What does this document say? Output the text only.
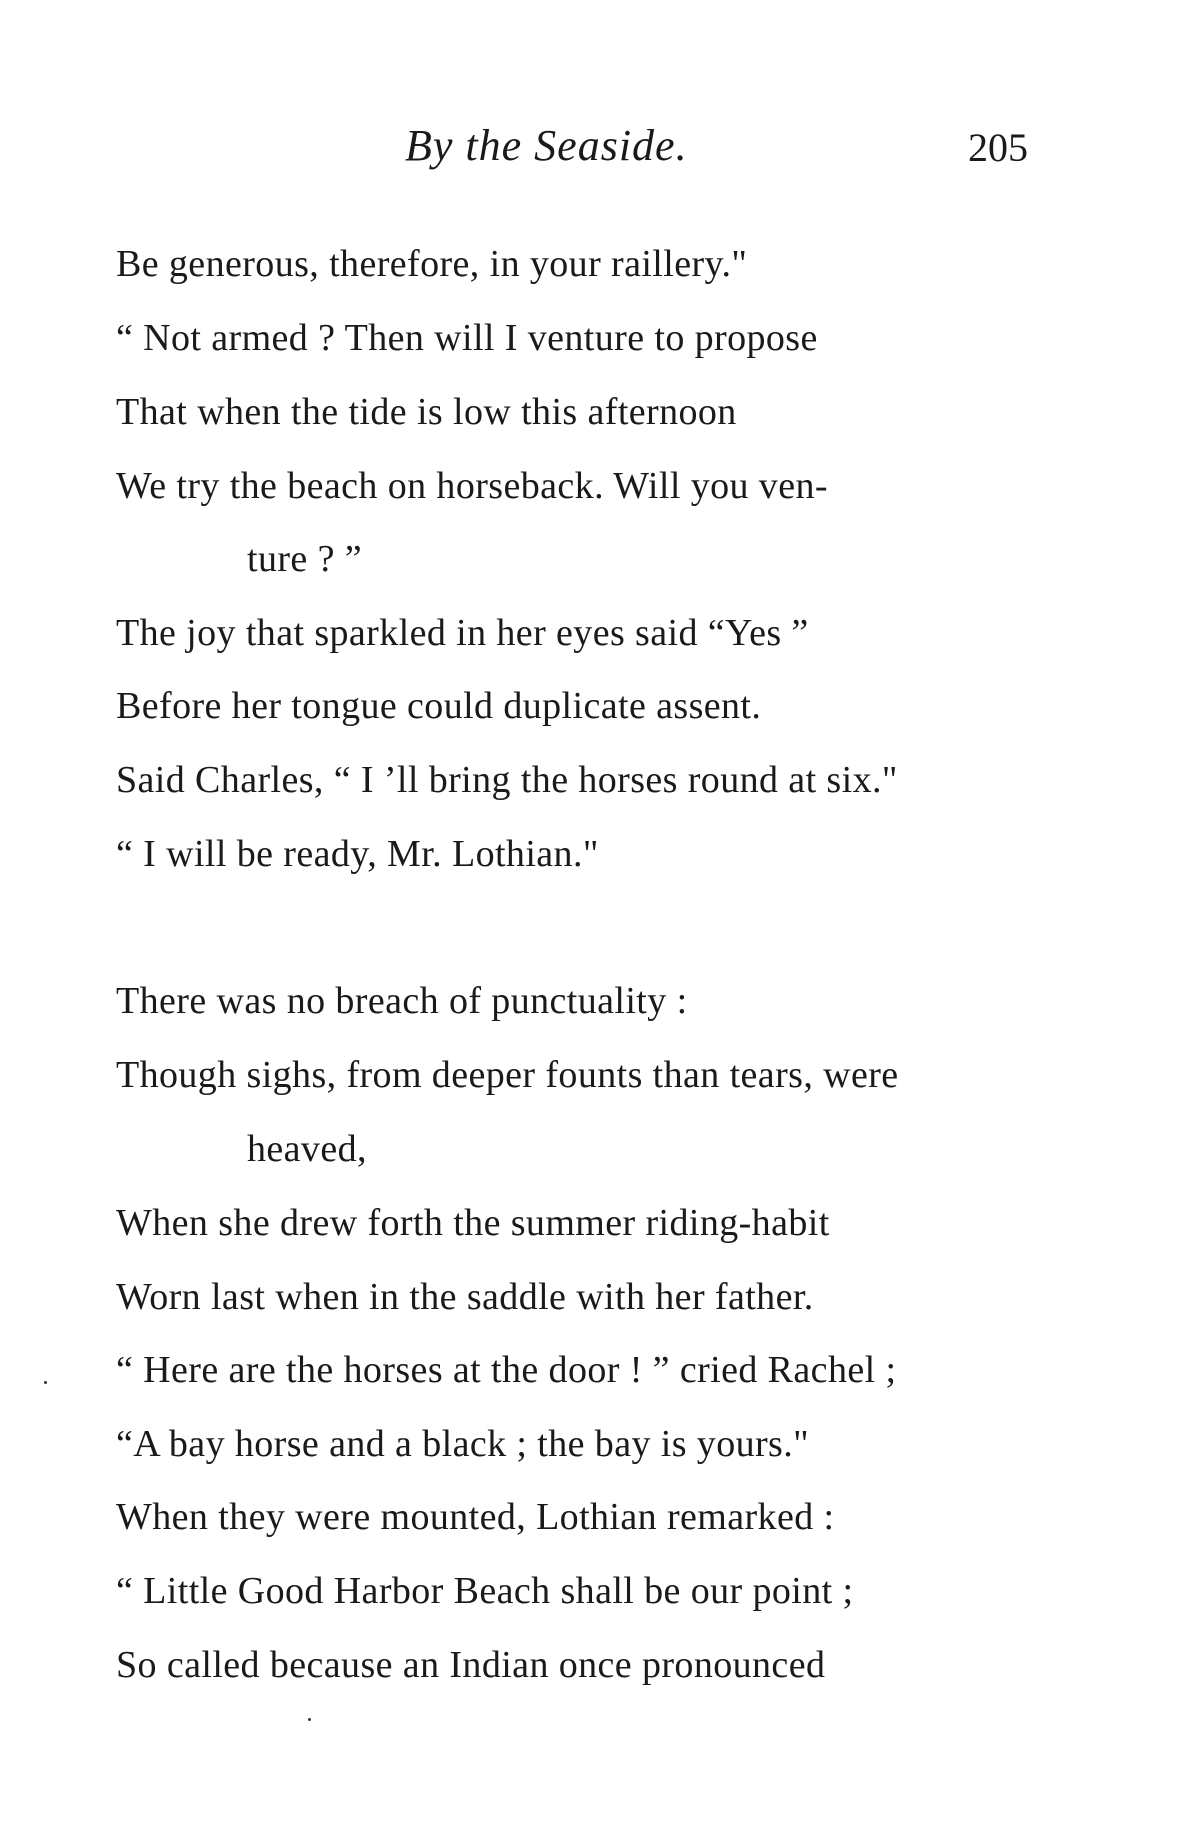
By the Seaside.	205
Be generous, therefore, in your raillery."
“ Not armed ? Then will I venture to propose
That when the tide is low this afternoon
We try the beach on horseback. Will you ven-
ture ? ”
The joy that sparkled in her eyes said “Yes ”
Before her tongue could duplicate assent.
Said Charles, “ I ’ll bring the horses round at six."
“ I will be ready, Mr. Lothian."
There was no breach of punctuality :
Though sighs, from deeper founts than tears, were
heaved,
When she drew forth the summer riding-habit
Worn last when in the saddle with her father.
“ Here are the horses at the door ! ” cried Rachel ;
“A bay horse and a black ; the bay is yours."
When they were mounted, Lothian remarked :
“ Little Good Harbor Beach shall be our point ;
So called because an Indian once pronounced
